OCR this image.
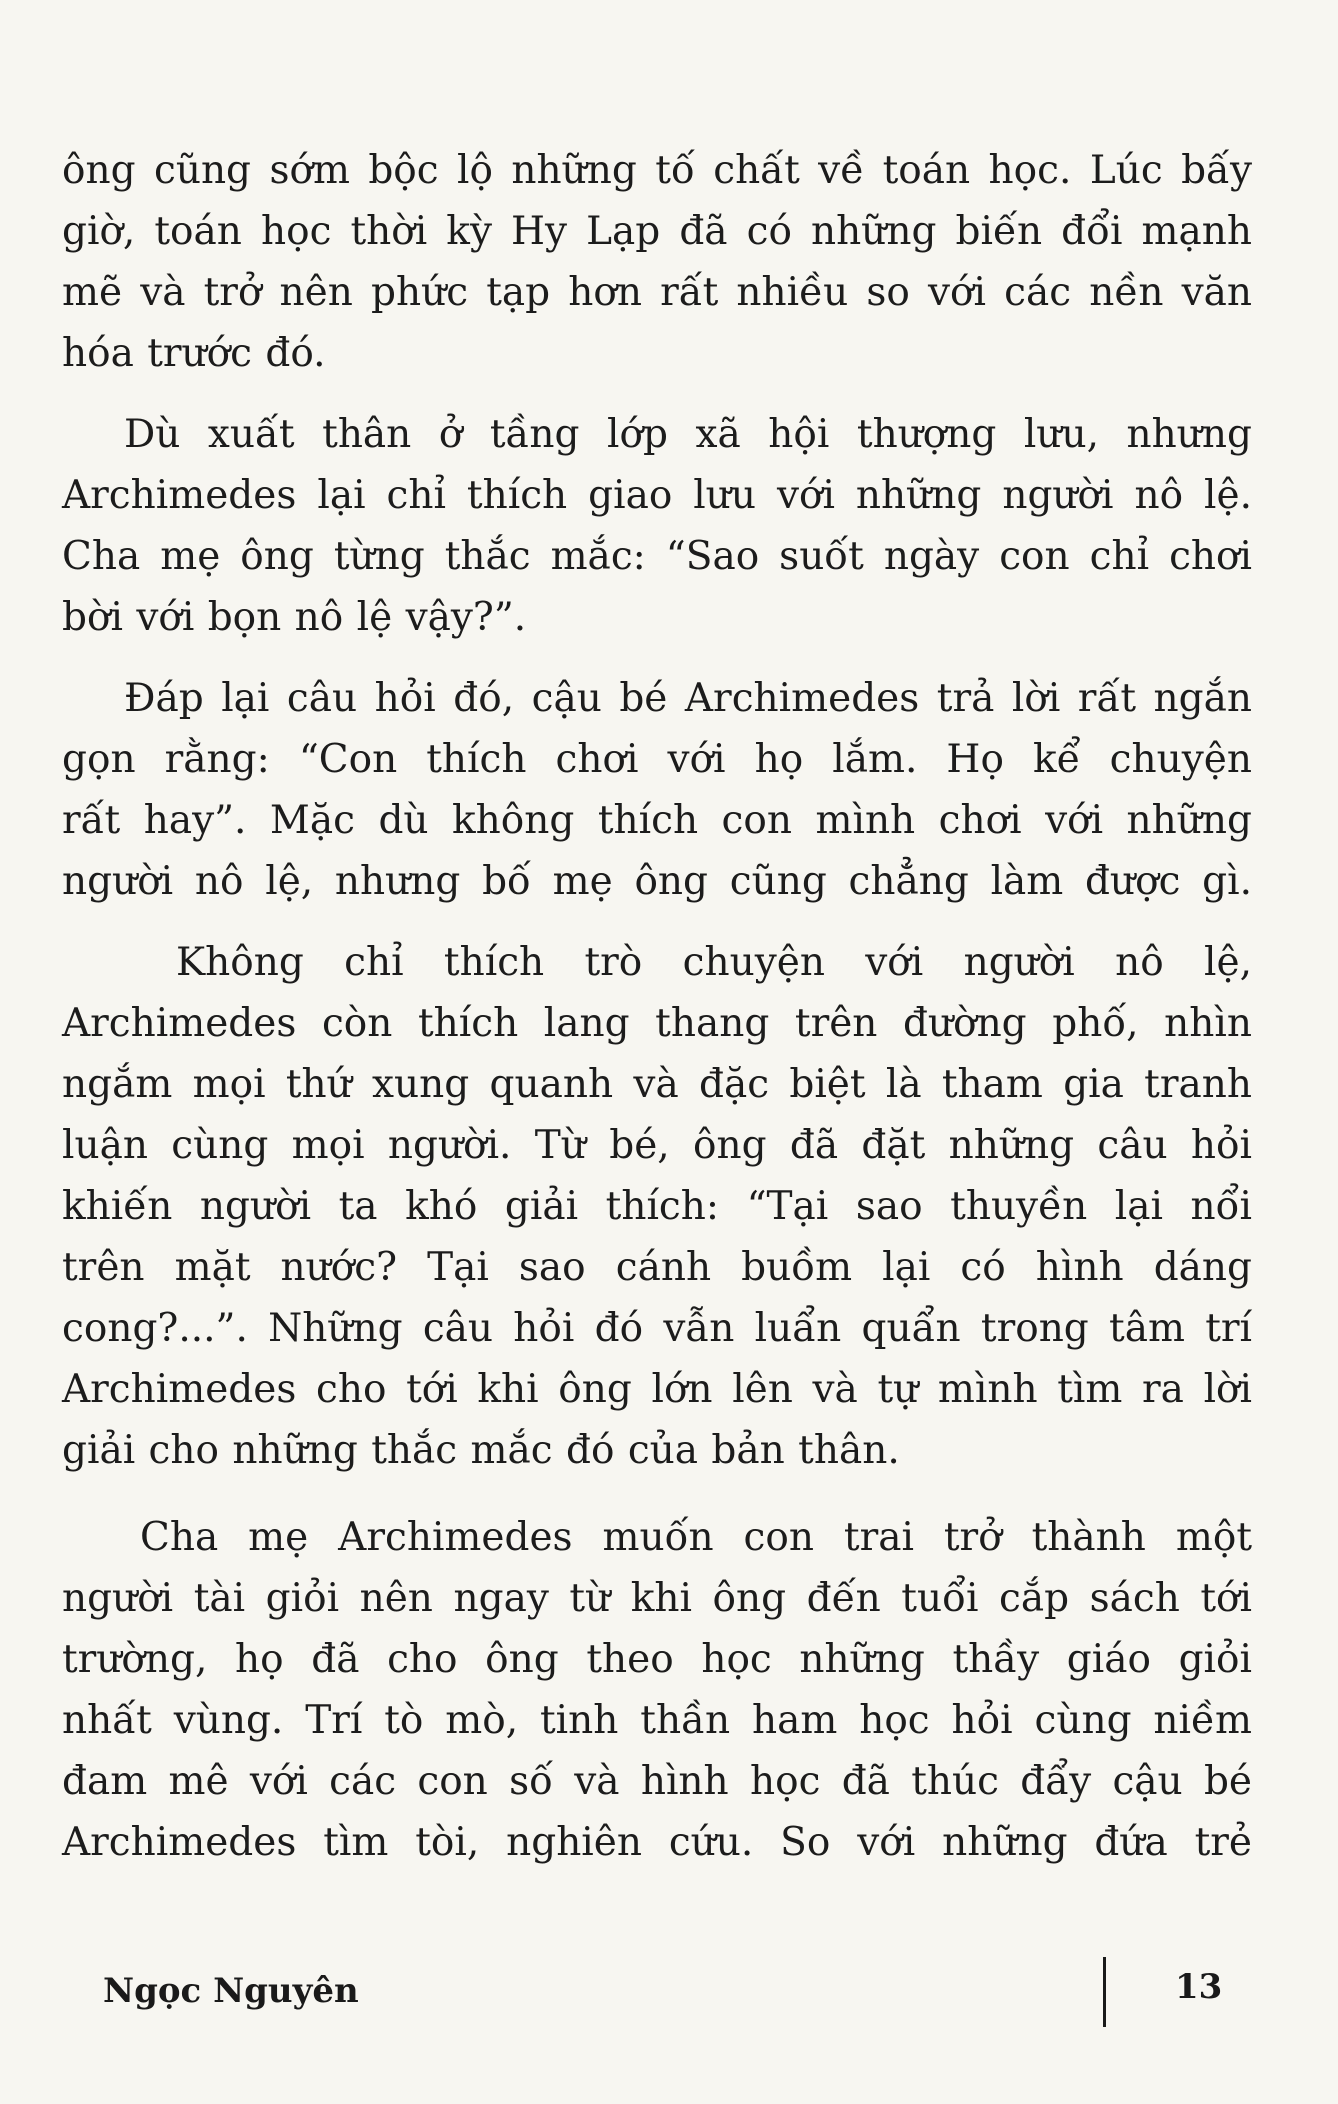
ông cũng sớm bộc lộ những tố chất về toán học. Lúc bấy
giờ, toán học thời kỳ Hy Lạp đã có những biến đổi mạnh
mẽ và trở nên phức tạp hơn rất nhiều so với các nền văn
hóa trước đó.

Dù xuất thân ở tầng lớp xã hội thượng lưu, nhưng
Archimedes lại chỉ thích giao lưu với những người nô lệ.
Cha mẹ ông từng thắc mắc: “Sao suốt ngày con chỉ chơi
bời với bọn nô lệ vậy?”.

Đáp lại câu hỏi đó, cậu bé Archimedes trả lời rất ngắn
gọn rằng: “Con thích chơi với họ lắm. Họ kể chuyện
rất hay”. Mặc dù không thích con mình chơi với những
người nô lệ, nhưng bố mẹ ông cũng chẳng làm được gì.

Không chỉ thích trò chuyện với người nô lệ,
Archimedes còn thích lang thang trên đường phố, nhìn
ngắm mọi thứ xung quanh và đặc biệt là tham gia tranh
luận cùng mọi người. Từ bé, ông đã đặt những câu hỏi
khiến người ta khó giải thích: “Tại sao thuyền lại nổi
trên mặt nước? Tại sao cánh buồm lại có hình dáng
cong?...”. Những câu hỏi đó vẫn luẩn quẩn trong tâm trí
Archimedes cho tới khi ông lớn lên và tự mình tìm ra lời
giải cho những thắc mắc đó của bản thân.

Cha mẹ Archimedes muốn con trai trở thành một
người tài giỏi nên ngay từ khi ông đến tuổi cắp sách tới
trường, họ đã cho ông theo học những thầy giáo giỏi
nhất vùng. Trí tò mò, tinh thần ham học hỏi cùng niềm
đam mê với các con số và hình học đã thúc đẩy cậu bé
Archimedes tìm tòi, nghiên cứu. So với những đứa trẻ

Ngọc Nguyên	13
